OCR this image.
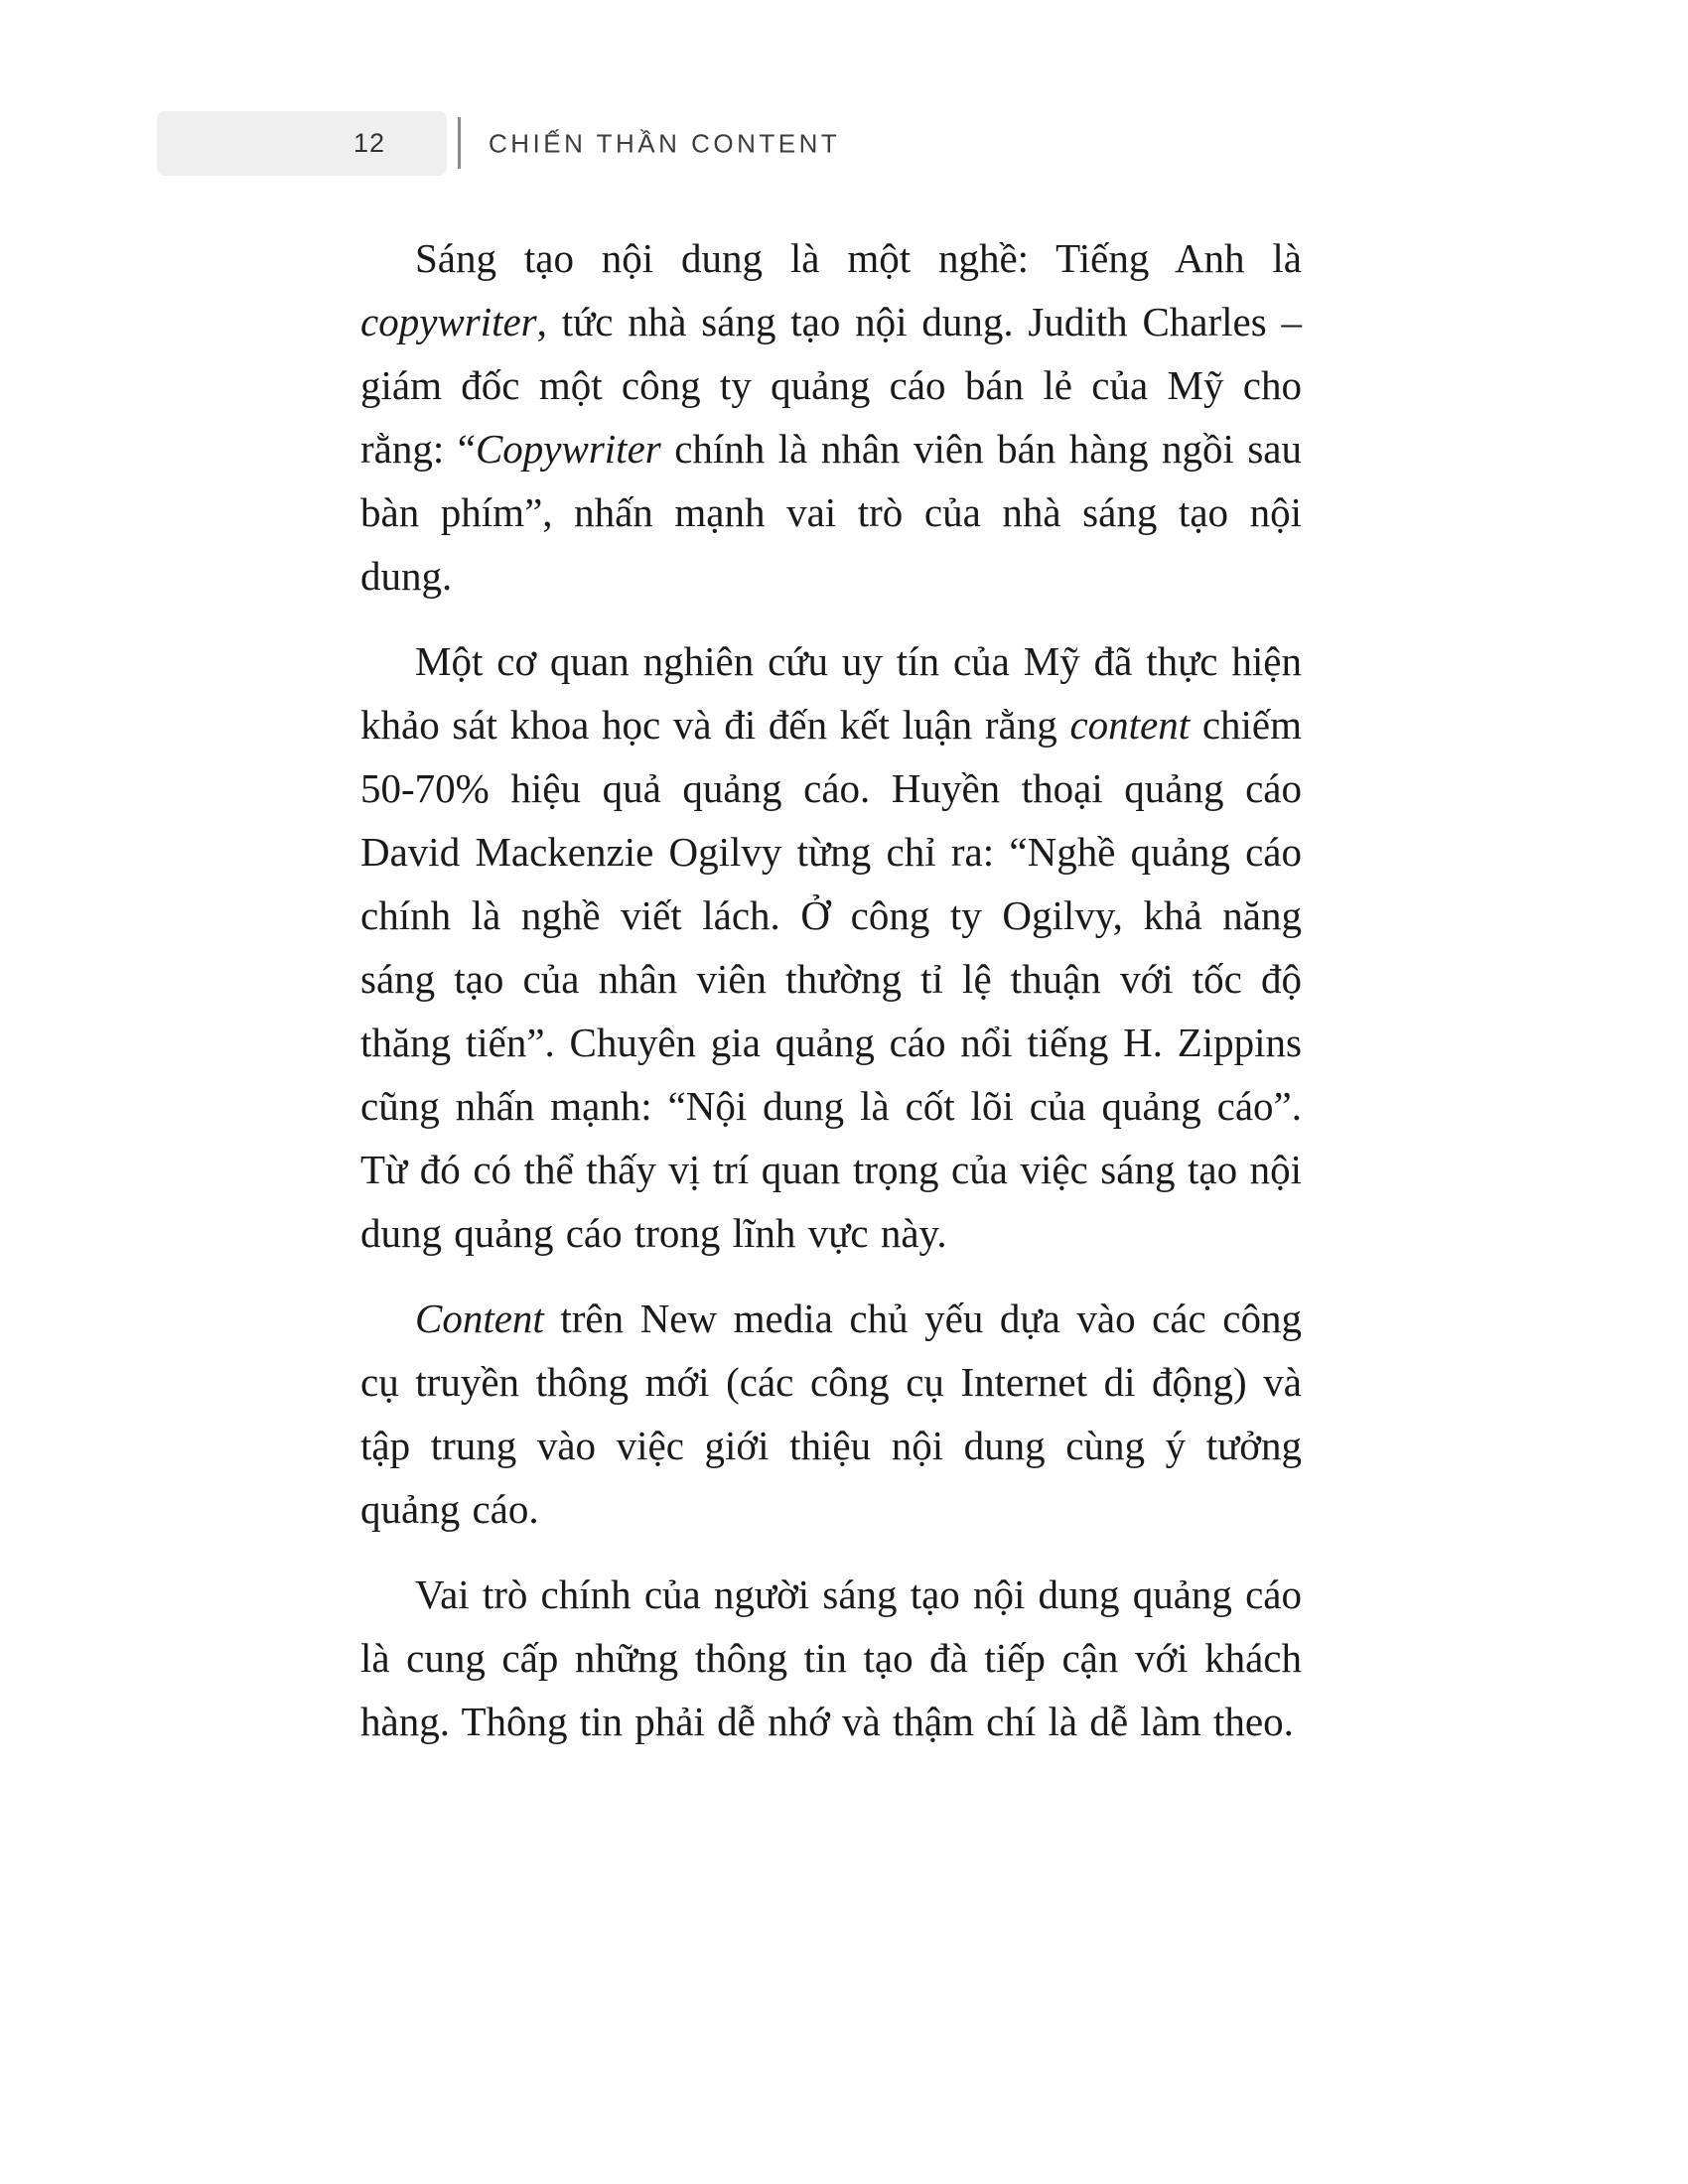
12	CHIẾN THẦN CONTENT

Sáng tạo nội dung là một nghề: Tiếng Anh là copywriter, tức nhà sáng tạo nội dung. Judith Charles – giám đốc một công ty quảng cáo bán lẻ của Mỹ cho rằng: “Copywriter chính là nhân viên bán hàng ngồi sau bàn phím”, nhấn mạnh vai trò của nhà sáng tạo nội dung.

Một cơ quan nghiên cứu uy tín của Mỹ đã thực hiện khảo sát khoa học và đi đến kết luận rằng content chiếm 50-70% hiệu quả quảng cáo. Huyền thoại quảng cáo David Mackenzie Ogilvy từng chỉ ra: “Nghề quảng cáo chính là nghề viết lách. Ở công ty Ogilvy, khả năng sáng tạo của nhân viên thường tỉ lệ thuận với tốc độ thăng tiến”. Chuyên gia quảng cáo nổi tiếng H. Zippins cũng nhấn mạnh: “Nội dung là cốt lõi của quảng cáo”. Từ đó có thể thấy vị trí quan trọng của việc sáng tạo nội dung quảng cáo trong lĩnh vực này.

Content trên New media chủ yếu dựa vào các công cụ truyền thông mới (các công cụ Internet di động) và tập trung vào việc giới thiệu nội dung cùng ý tưởng quảng cáo.

Vai trò chính của người sáng tạo nội dung quảng cáo là cung cấp những thông tin tạo đà tiếp cận với khách hàng. Thông tin phải dễ nhớ và thậm chí là dễ làm theo.
